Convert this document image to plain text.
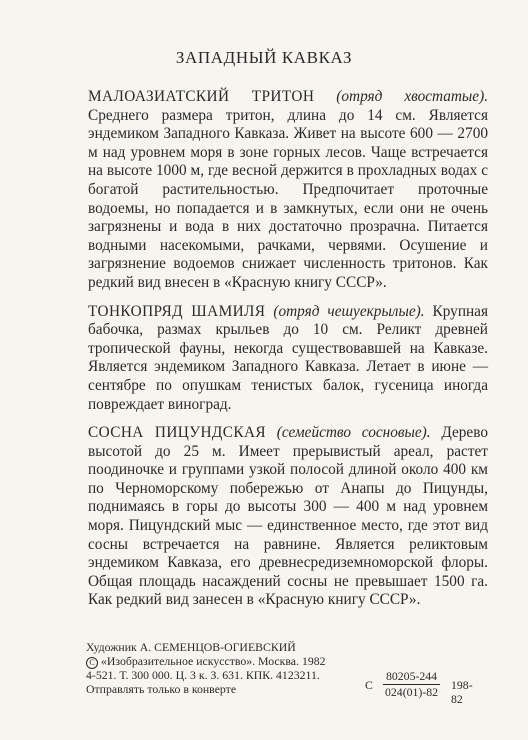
ЗАПАДНЫЙ КАВКАЗ

МАЛОАЗИАТСКИЙ ТРИТОН (отряд хвостатые). Среднего размера тритон, длина до 14 см. Является эндемиком Западного Кавказа. Живет на высоте 600 — 2700 м над уровнем моря в зоне горных лесов. Чаще встречается на высоте 1000 м, где весной держится в прохладных водах с богатой растительностью. Предпочитает проточные водоемы, но попадается и в замкнутых, если они не очень загрязнены и вода в них достаточно прозрачна. Питается водными насекомыми, рачками, червями. Осушение и загрязнение водоемов снижает численность тритонов. Как редкий вид внесен в «Красную книгу СССР».

ТОНКОПРЯД ШАМИЛЯ (отряд чешуекрылые). Крупная бабочка, размах крыльев до 10 см. Реликт древней тропической фауны, некогда существовавшей на Кавказе. Является эндемиком Западного Кавказа. Летает в июне — сентябре по опушкам тенистых балок, гусеница иногда повреждает виноград.

СОСНА ПИЦУНДСКАЯ (семейство сосновые). Дерево высотой до 25 м. Имеет прерывистый ареал, растет поодиночке и группами узкой полосой длиной около 400 км по Черноморскому побережью от Анапы до Пицунды, поднимаясь в горы до высоты 300 — 400 м над уровнем моря. Пицундский мыс — единственное место, где этот вид сосны встречается на равнине. Является реликтовым эндемиком Кавказа, его древнесредиземноморской флоры. Общая площадь насаждений сосны не превышает 1500 га. Как редкий вид занесен в «Красную книгу СССР».

Художник А. СЕМЕНЦОВ-ОГИЕВСКИЙ
С «Изобразительное искусство». Москва. 1982
4-521. Т. 300 000. Ц. 3 к. З. 631. КПК. 4123211.
Отправлять только в конверте	С $\frac{80205-244}{024(01)-82} 198-82$
